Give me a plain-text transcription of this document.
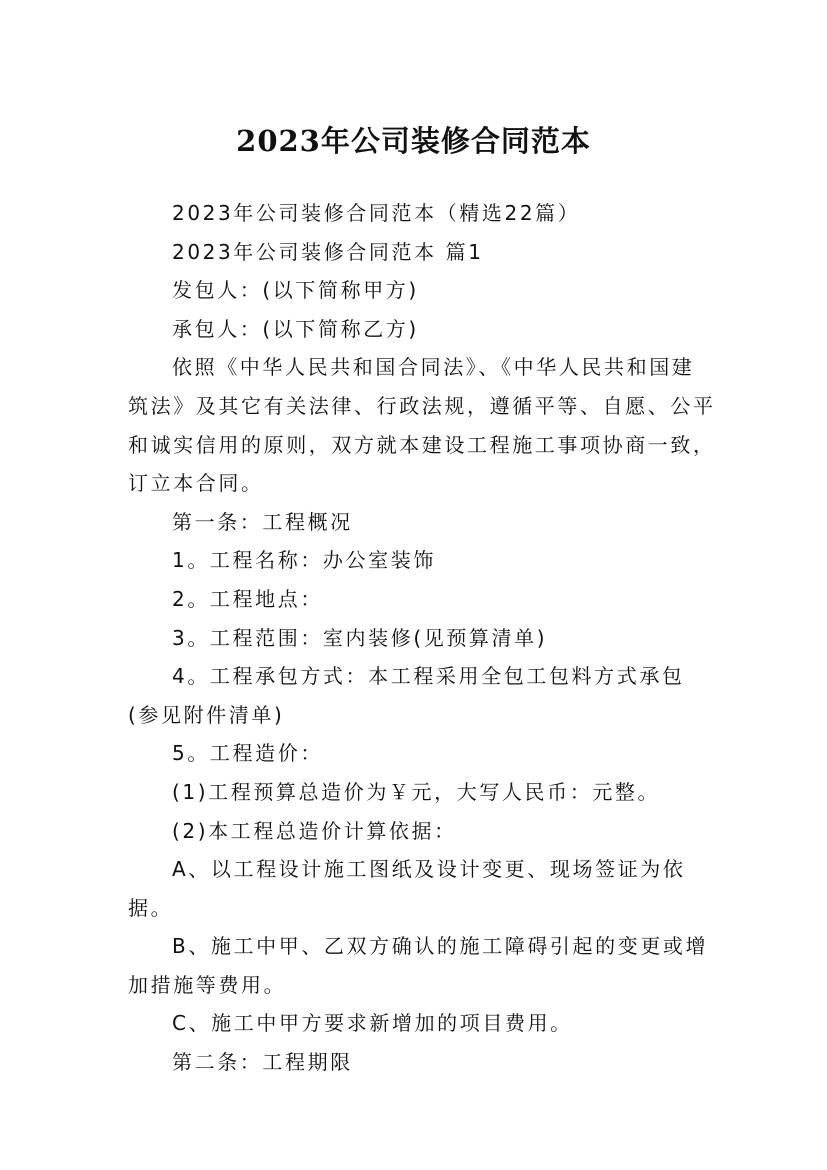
2023年公司装修合同范本

2023年公司装修合同范本（精选22篇）

2023年公司装修合同范本 篇1

发包人：(以下简称甲方)

承包人：(以下简称乙方)

依照《中华人民共和国合同法》、《中华人民共和国建筑法》及其它有关法律、行政法规，遵循平等、自愿、公平和诚实信用的原则，双方就本建设工程施工事项协商一致，订立本合同。

第一条：工程概况

1。工程名称：办公室装饰

2。工程地点：

3。工程范围：室内装修(见预算清单)

4。工程承包方式：本工程采用全包工包料方式承包(参见附件清单)

5。工程造价：

(1)工程预算总造价为￥元，大写人民币：元整。

(2)本工程总造价计算依据：

A、以工程设计施工图纸及设计变更、现场签证为依据。

B、施工中甲、乙双方确认的施工障碍引起的变更或增加措施等费用。

C、施工中甲方要求新增加的项目费用。

第二条：工程期限
